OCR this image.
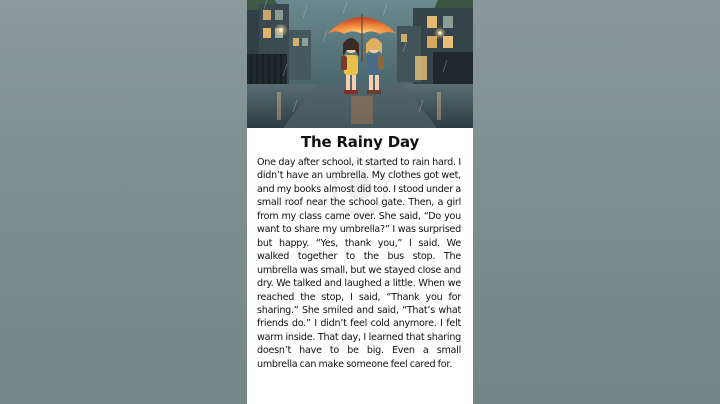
The Rainy Day

One day after school, it started to rain hard. I didn’t have an umbrella. My clothes got wet, and my books almost did too. I stood under a small roof near the school gate. Then, a girl from my class came over. She said, “Do you want to share my umbrella?” I was surprised but happy. “Yes, thank you,” I said. We walked together to the bus stop. The umbrella was small, but we stayed close and dry. We talked and laughed a little. When we reached the stop, I said, “Thank you for sharing.” She smiled and said, “That’s what friends do.” I didn’t feel cold anymore. I felt warm inside. That day, I learned that sharing doesn’t have to be big. Even a small umbrella can make someone feel cared for.
